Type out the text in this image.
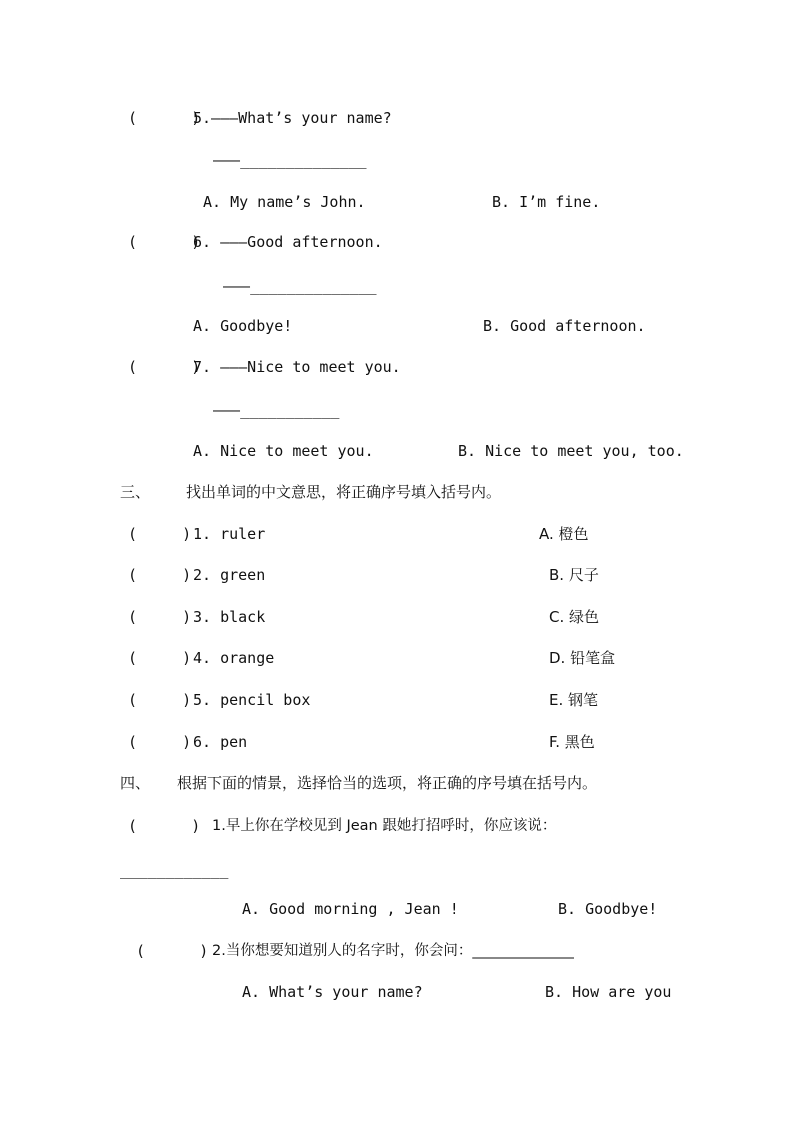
(      )
5.———What’s your name?
———______________
A. My name’s John.	B. I’m fine.
(      )
6. ———Good afternoon.
———______________
A. Goodbye!	B. Good afternoon.
(      )
7. ———Nice to meet you.
———___________
A. Nice to meet you.	B. Nice to meet you, too.
三、 找出单词的中文意思，将正确序号填入括号内。
(     ) 1. ruler	A. 橙色
(     ) 2. green	B. 尺子
(     ) 3. black	C. 绿色
(     ) 4. orange	D. 铅笔盒
(     ) 5. pencil box	E. 钢笔
(     ) 6. pen	F. 黑色
四、 根据下面的情景，选择恰当的选项，将正确的序号填在括号内。
(      ) 1.早上你在学校见到 Jean 跟她打招呼时，你应该说：
____________
A. Good morning , Jean !	B. Goodbye!
(      ) 2.当你想要知道别人的名字时，你会问：______________
A. What’s your name?	B. How are you
